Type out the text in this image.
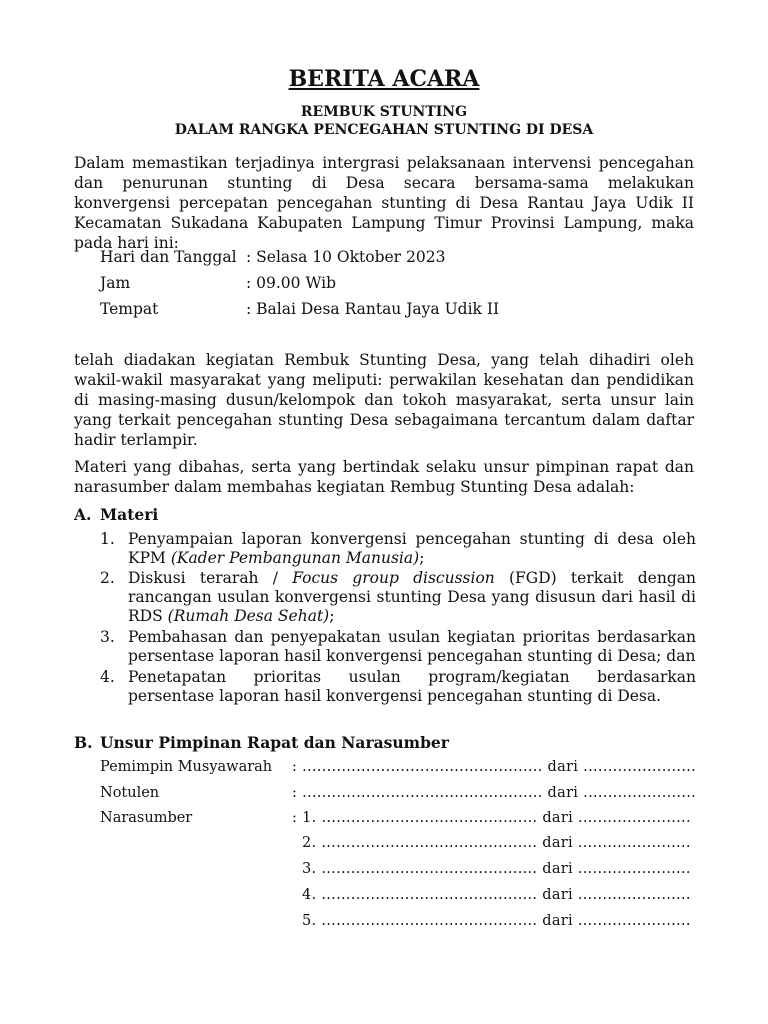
BERITA ACARA
REMBUK STUNTING
DALAM RANGKA PENCEGAHAN STUNTING DI DESA
Dalam memastikan terjadinya intergrasi pelaksanaan intervensi pencegahan dan penurunan stunting di Desa secara bersama-sama melakukan konvergensi percepatan pencegahan stunting di Desa Rantau Jaya Udik II Kecamatan Sukadana Kabupaten Lampung Timur Provinsi Lampung, maka pada hari ini:
Hari dan Tanggal : Selasa 10 Oktober 2023
Jam	: 09.00 Wib
Tempat	: Balai Desa Rantau Jaya Udik II
telah diadakan kegiatan Rembuk Stunting Desa, yang telah dihadiri oleh wakil-wakil masyarakat yang meliputi: perwakilan kesehatan dan pendidikan di masing-masing dusun/kelompok dan tokoh masyarakat, serta unsur lain yang terkait pencegahan stunting Desa sebagaimana tercantum dalam daftar hadir terlampir.
Materi yang dibahas, serta yang bertindak selaku unsur pimpinan rapat dan narasumber dalam membahas kegiatan Rembug Stunting Desa adalah:
A. Materi
1. Penyampaian laporan konvergensi pencegahan stunting di desa oleh KPM (Kader Pembangunan Manusia);
2. Diskusi terarah / Focus group discussion (FGD) terkait dengan rancangan usulan konvergensi stunting Desa yang disusun dari hasil di RDS (Rumah Desa Sehat);
3. Pembahasan dan penyepakatan usulan kegiatan prioritas berdasarkan persentase laporan hasil konvergensi pencegahan stunting di Desa; dan
4. Penetapatan prioritas usulan program/kegiatan berdasarkan persentase laporan hasil konvergensi pencegahan stunting di Desa.
B. Unsur Pimpinan Rapat dan Narasumber
Pemimpin Musyawarah : ................................................. dari .......................
Notulen	: ................................................. dari .......................
Narasumber	: 1. ............................................ dari .......................
2. ............................................ dari .......................
3. ............................................ dari .......................
4. ............................................ dari .......................
5. ............................................ dari .......................
